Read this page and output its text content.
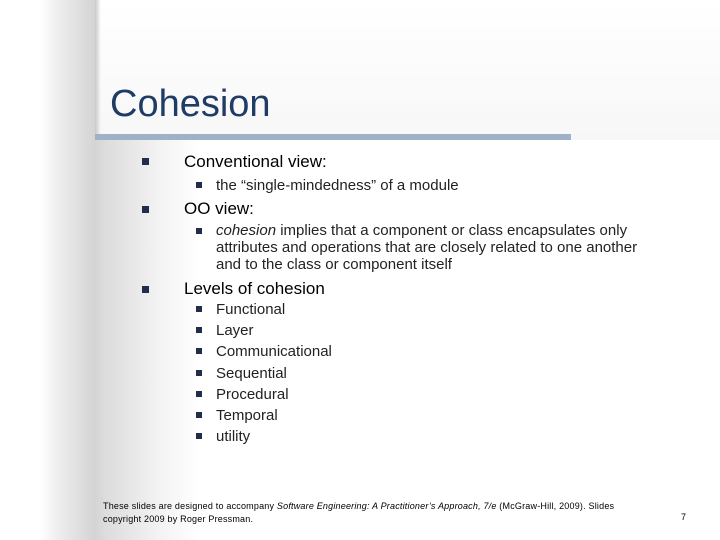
Cohesion
Conventional view:
the “single-mindedness” of a module
OO view:
cohesion implies that a component or class encapsulates only attributes and operations that are closely related to one another and to the class or component itself
Levels of cohesion
Functional
Layer
Communicational
Sequential
Procedural
Temporal
utility
These slides are designed to accompany Software Engineering: A Practitioner’s Approach, 7/e (McGraw-Hill, 2009). Slides copyright 2009 by Roger Pressman.	7
